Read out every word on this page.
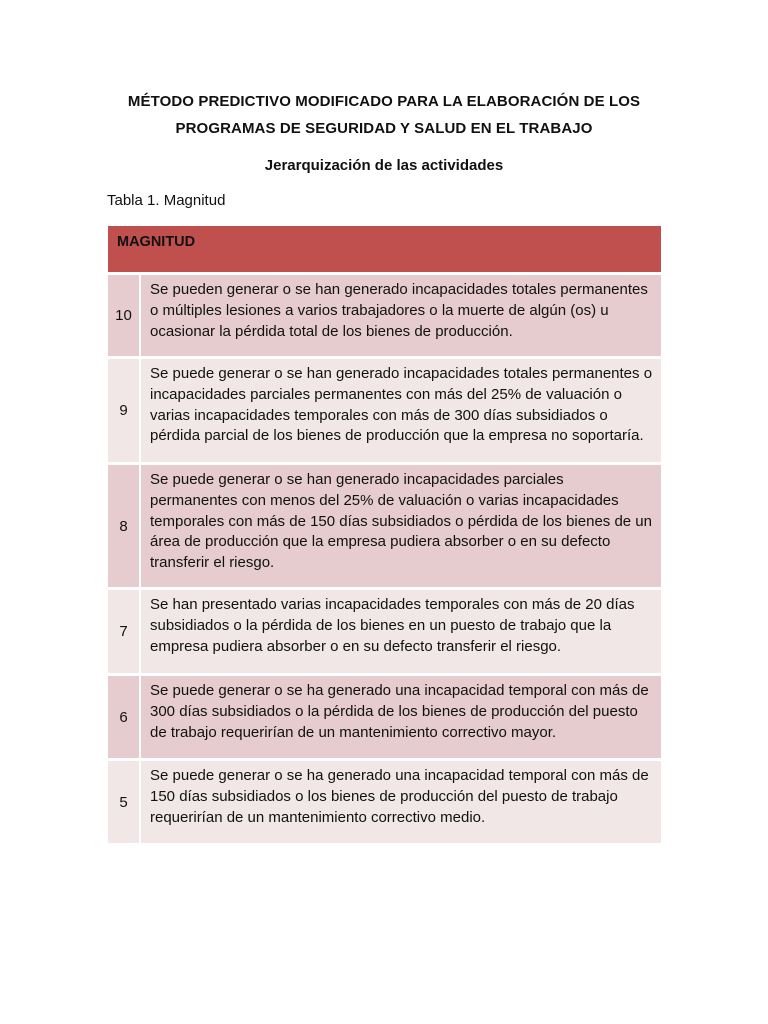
MÉTODO PREDICTIVO MODIFICADO PARA LA ELABORACIÓN DE LOS
PROGRAMAS DE SEGURIDAD Y SALUD EN EL TRABAJO
Jerarquización de las actividades
Tabla 1. Magnitud
MAGNITUD
10
Se pueden generar o se han generado incapacidades totales permanentes o múltiples lesiones a varios trabajadores o la muerte de algún (os) u ocasionar la pérdida total de los bienes de producción.
9
Se puede generar o se han generado incapacidades totales permanentes o incapacidades parciales permanentes con más del 25% de valuación o varias incapacidades temporales con más de 300 días subsidiados o pérdida parcial de los bienes de producción que la empresa no soportaría.
8
Se puede generar o se han generado incapacidades parciales permanentes con menos del 25% de valuación o varias incapacidades temporales con más de 150 días subsidiados o pérdida de los bienes de un área de producción que la empresa pudiera absorber o en su defecto transferir el riesgo.
7
Se han presentado varias incapacidades temporales con más de 20 días subsidiados o la pérdida de los bienes en un puesto de trabajo que la empresa pudiera absorber o en su defecto transferir el riesgo.
6
Se puede generar o se ha generado una incapacidad temporal con más de 300 días subsidiados o la pérdida de los bienes de producción del puesto de trabajo requerirían de un mantenimiento correctivo mayor.
5
Se puede generar o se ha generado una incapacidad temporal con más de 150 días subsidiados o los bienes de producción del puesto de trabajo requerirían de un mantenimiento correctivo medio.
